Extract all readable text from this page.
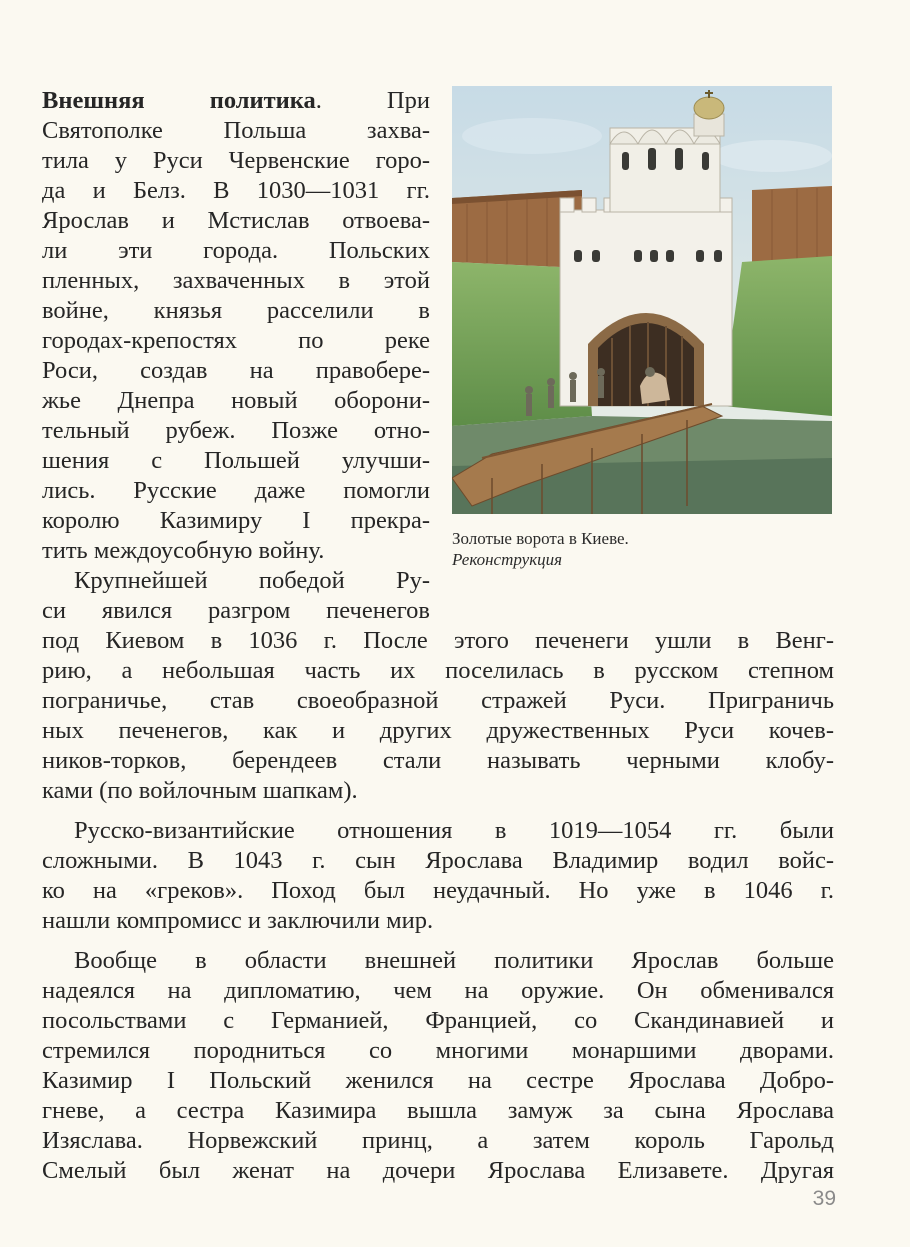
Золотые ворота в Киеве.
Реконструкция
Внешняя политика. При
Святополке Польша захва-
тила у Руси Червенские горо-
да и Белз. В 1030—1031 гг.
Ярослав и Мстислав отвоева-
ли эти города. Польских
пленных, захваченных в этой
войне, князья расселили в
городах-крепостях по реке
Роси, создав на правобере-
жье Днепра новый оборони-
тельный рубеж. Позже отно-
шения с Польшей улучши-
лись. Русские даже помогли
королю Казимиру I прекра-
тить междоусобную войну.
Крупнейшей победой Ру-
си явился разгром печенегов
под Киевом в 1036 г. После этого печенеги ушли в Венг-
рию, а небольшая часть их поселилась в русском степном
пограничье, став своеобразной стражей Руси. Приграничь
ных печенегов, как и других дружественных Руси кочев-
ников-торков, берендеев стали называть черными клобу-
ками (по войлочным шапкам).
Русско-византийские отношения в 1019—1054 гг. были
сложными. В 1043 г. сын Ярослава Владимир водил войс-
ко на «греков». Поход был неудачный. Но уже в 1046 г.
нашли компромисс и заключили мир.
Вообще в области внешней политики Ярослав больше
надеялся на дипломатию, чем на оружие. Он обменивался
посольствами с Германией, Францией, со Скандинавией и
стремился породниться со многими монаршими дворами.
Казимир I Польский женился на сестре Ярослава Добро-
гневе, а сестра Казимира вышла замуж за сына Ярослава
Изяслава. Норвежский принц, а затем король Гарольд
Смелый был женат на дочери Ярослава Елизавете. Другая
39
